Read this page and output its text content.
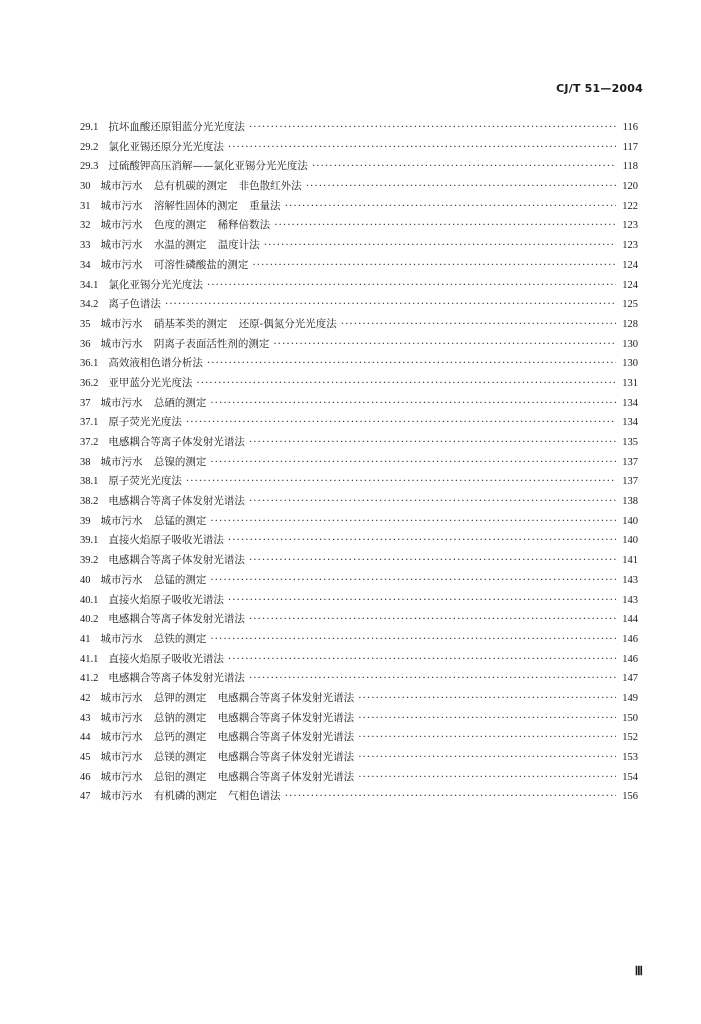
CJ/T 51—2004
29.1 抗坏血酸还原钼蓝分光光度法 ·····	116
29.2 氯化亚锡还原分光光度法 ·····	117
29.3 过硫酸钾高压消解——氯化亚锡分光光度法 ·····	118
30 城市污水 总有机碳的测定 非色散红外法 ·····	120
31 城市污水 溶解性固体的测定 重量法 ·····	122
32 城市污水 色度的测定 稀释倍数法 ·····	123
33 城市污水 水温的测定 温度计法 ·····	123
34 城市污水 可溶性磷酸盐的测定 ·····	124
34.1 氯化亚锡分光光度法 ·····	124
34.2 离子色谱法 ·····	125
35 城市污水 硝基苯类的测定 还原-偶氮分光光度法 ·····	128
36 城市污水 阴离子表面活性剂的测定 ·····	130
36.1 高效液相色谱分析法 ·····	130
36.2 亚甲蓝分光光度法 ·····	131
37 城市污水 总硒的测定 ·····	134
37.1 原子荧光光度法 ·····	134
37.2 电感耦合等离子体发射光谱法 ·····	135
38 城市污水 总镍的测定 ·····	137
38.1 原子荧光光度法 ·····	137
38.2 电感耦合等离子体发射光谱法 ·····	138
39 城市污水 总锰的测定 ·····	140
39.1 直接火焰原子吸收光谱法 ·····	140
39.2 电感耦合等离子体发射光谱法 ·····	141
40 城市污水 总锰的测定 ·····	143
40.1 直接火焰原子吸收光谱法 ·····	143
40.2 电感耦合等离子体发射光谱法 ·····	144
41 城市污水 总铁的测定 ·····	146
41.1 直接火焰原子吸收光谱法 ·····	146
41.2 电感耦合等离子体发射光谱法 ·····	147
42 城市污水 总钾的测定 电感耦合等离子体发射光谱法 ·····	149
43 城市污水 总钠的测定 电感耦合等离子体发射光谱法 ·····	150
44 城市污水 总钙的测定 电感耦合等离子体发射光谱法 ·····	152
45 城市污水 总镁的测定 电感耦合等离子体发射光谱法 ·····	153
46 城市污水 总铝的测定 电感耦合等离子体发射光谱法 ·····	154
47 城市污水 有机磷的测定 气相色谱法 ·····	156
Ⅲ
